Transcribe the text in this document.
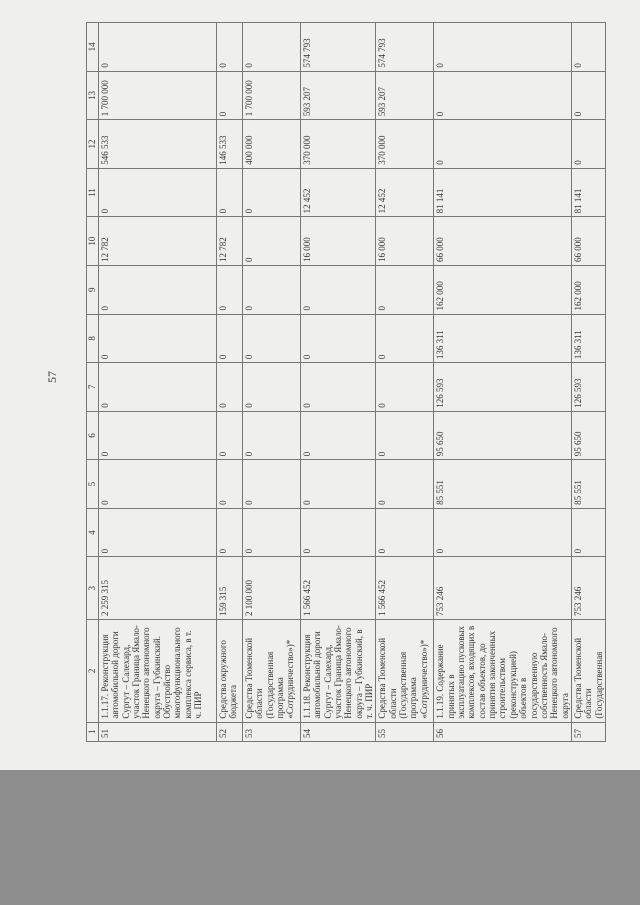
57
1	2	3	4	5	6	7	8	9	10	11	12	13	14
51	1.1.17. Реконструкция автомобильной дороги Сургут – Салехард, участок Граница Ямало-Ненецкого автономного округа – Губкинский. Обустройство многофункционального комплекса сервиса, в т. ч. ПИР	2 259 315	0	0	0	0	0	0	12 782	0	546 533	1 700 000	0
52	Средства окружного бюджета	159 315	0	0	0	0	0	0	12 782	0	146 533	0	0
53	Средства Тюменской области (Государственная программа «Сотрудничество»)*	2 100 000	0	0	0	0	0	0	0	0	400 000	1 700 000	0
54	1.1.18. Реконструкция автомобильной дороги Сургут – Салехард, участок Граница Ямало-Ненецкого автономного округа – Губкинский, в т. ч. ПИР	1 566 452	0	0	0	0	0	0	16 000	12 452	370 000	593 207	574 793
55	Средства Тюменской области (Государственная программа «Сотрудничество»)*	1 566 452	0	0	0	0	0	0	16 000	12 452	370 000	593 207	574 793
56	1.1.19. Содержание принятых в эксплуатацию пусковых комплексов, входящих в состав объектов, до принятия законченных строительством (реконструкцией) объектов в государственную собственность Ямало-Ненецкого автономного округа	753 246	0	85 551	95 650	126 593	136 311	162 000	66 000	81 141	0	0	0
57	Средства Тюменской области (Государственная	753 246	0	85 551	95 650	126 593	136 311	162 000	66 000	81 141	0	0	0
